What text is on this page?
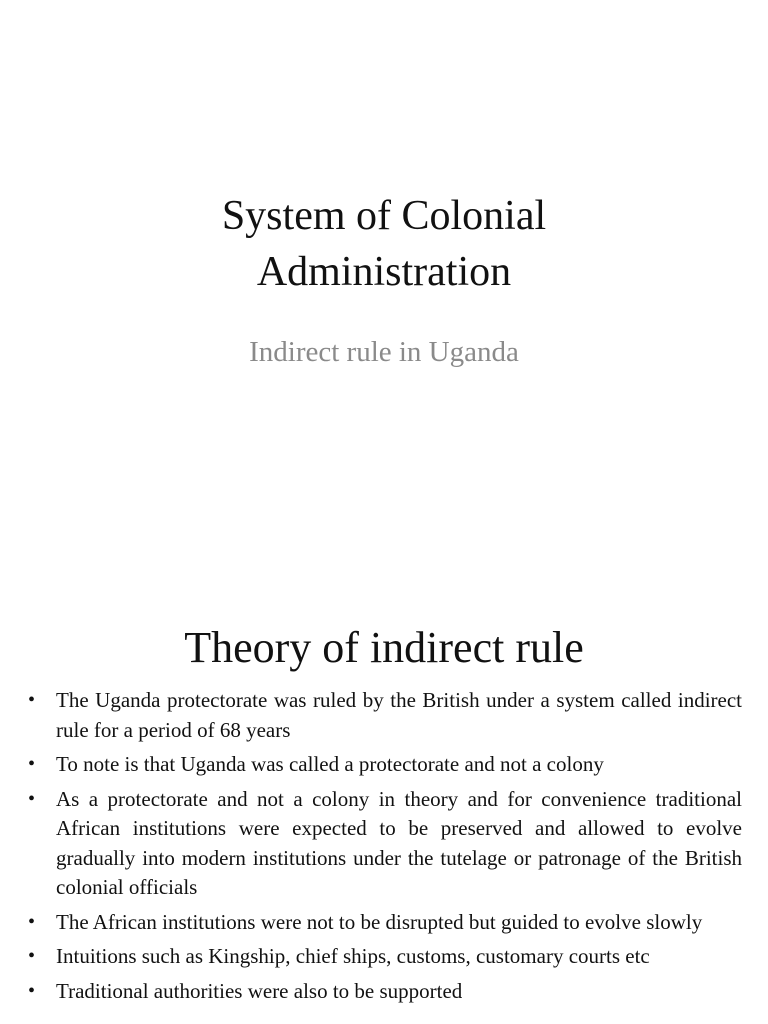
System of Colonial
Administration

Indirect rule in Uganda

Theory of indirect rule
• The Uganda protectorate was ruled by the British under a system called indirect rule for a period of 68 years
• To note is that Uganda was called a protectorate and not a colony
• As a protectorate and not a colony in theory and for convenience traditional African institutions were expected to be preserved and allowed to evolve gradually into modern institutions under the tutelage or patronage of the British colonial officials
• The African institutions were not to be disrupted but guided to evolve slowly
• Intuitions such as Kingship, chief ships, customs, customary courts etc
• Traditional authorities were also to be supported
